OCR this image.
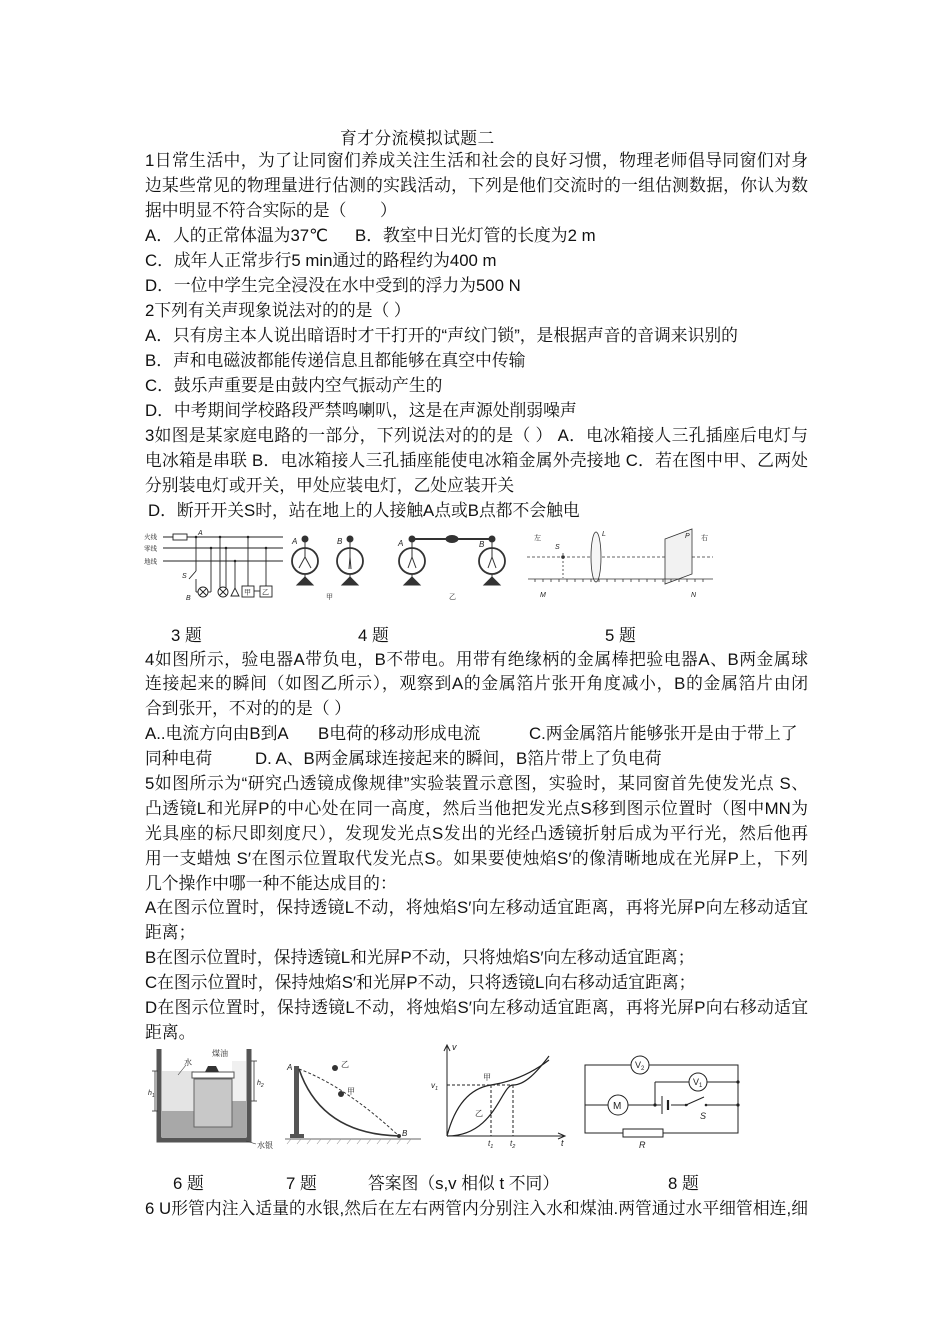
育才分流模拟试题二
1日常生活中，为了让同窗们养成关注生活和社会的良好习惯，物理老师倡导同窗们对身
边某些常见的物理量进行估测的实践活动，下列是他们交流时的一组估测数据，你认为数
据中明显不符合实际的是（　　）
A．人的正常体温为37℃ B．教室中日光灯管的长度为2 m
C．成年人正常步行5 min通过的路程约为400 m
D．一位中学生完全浸没在水中受到的浮力为500 N
2下列有关声现象说法对的的是（ ）
A．只有房主本人说出暗语时才干打开的“声纹门锁”，是根据声音的音调来识别的
B．声和电磁波都能传递信息且都能够在真空中传输
C．鼓乐声重要是由鼓内空气振动产生的
D．中考期间学校路段严禁鸣喇叭，这是在声源处削弱噪声
3如图是某家庭电路的一部分，下列说法对的的是（ ） A．电冰箱接人三孔插座后电灯与
电冰箱是串联 B．电冰箱接人三孔插座能使电冰箱金属外壳接地 C．若在图中甲、乙两处
分别装电灯或开关，甲处应装电灯，乙处应装开关
D．断开开关S时，站在地上的人接触A点或B点都不会触电
火线
零线
地线
A
S
B
甲 乙
A	B
甲
A	B
乙
左	右
S
L	P
M	N
3 题	4 题	5 题
4如图所示，验电器A带负电，B不带电。用带有绝缘柄的金属棒把验电器A、B两金属球
连接起来的瞬间（如图乙所示），观察到A的金属箔片张开角度减小，B的金属箔片由闭
合到张开，不对的的是（ ）
A..电流方向由B到A B电荷的移动形成电流	C.两金属箔片能够张开是由于带上了
同种电荷	D. A、B两金属球连接起来的瞬间，B箔片带上了负电荷
5如图所示为“研究凸透镜成像规律”实验装置示意图，实验时，某同窗首先使发光点 S、
凸透镜L和光屏P的中心处在同一高度，然后当他把发光点S移到图示位置时（图中MN为
光具座的标尺即刻度尺），发现发光点S发出的光经凸透镜折射后成为平行光，然后他再
用一支蜡烛 S′在图示位置取代发光点S。如果要使烛焰S′的像清晰地成在光屏P上，下列
几个操作中哪一种不能达成目的：
A在图示位置时，保持透镜L不动，将烛焰S′向左移动适宜距离，再将光屏P向左移动适宜
距离；
B在图示位置时，保持透镜L和光屏P不动，只将烛焰S′向左移动适宜距离；
C在图示位置时，保持烛焰S′和光屏P不动，只将透镜L向右移动适宜距离；
D在图示位置时，保持透镜L不动，将烛焰S′向左移动适宜距离，再将光屏P向右移动适宜
距离。
水
煤油
水银
$h_1$
$h_2$
A
B
甲
乙
v
$v_1$
甲
乙
$t_1$ $t_2$	t
$V_2$
$V_1$
M
S
R
6 题	7 题	答案图（s,v 相似 t 不同）	8 题
6 U形管内注入适量的水银,然后在左右两管内分别注入水和煤油.两管通过水平细管相连,细
